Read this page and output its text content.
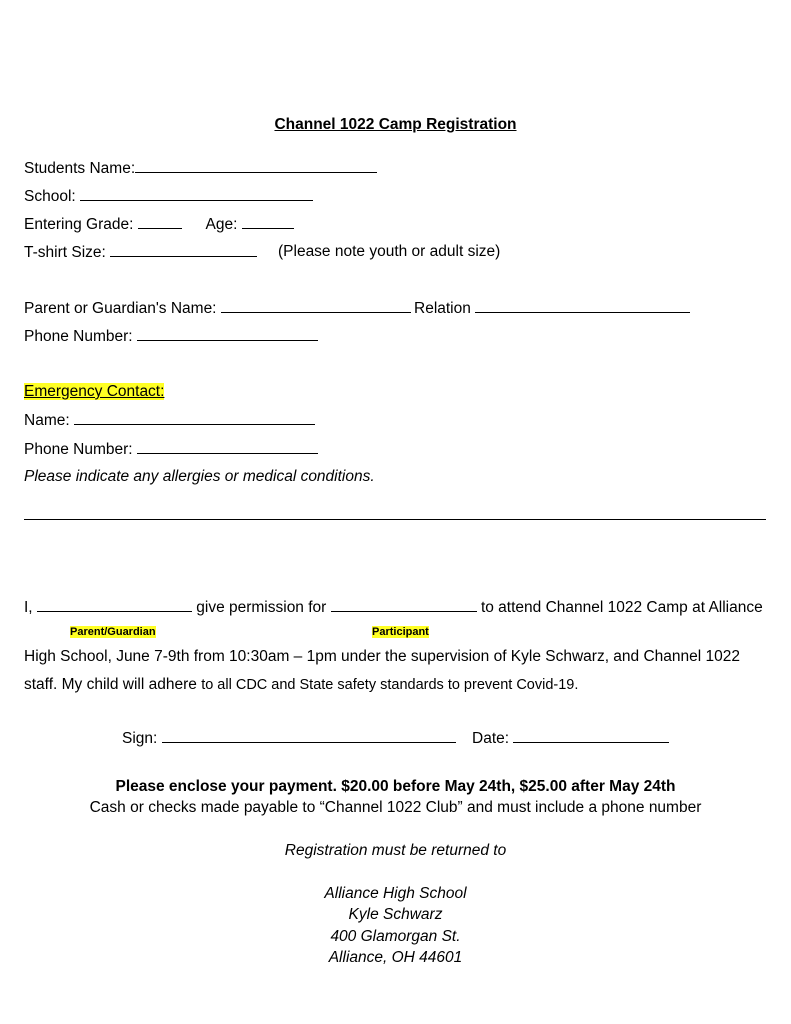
Channel 1022 Camp Registration
Students Name:
School:
Entering Grade:	Age:
T-shirt Size:	(Please note youth or adult size)
Parent or Guardian's Name:	Relation
Phone Number:
Emergency Contact:
Name:
Phone Number:
Please indicate any allergies or medical conditions.
I,	give permission for	to attend Channel 1022 Camp at Alliance
Parent/Guardian	Participant
High School, June 7-9th from 10:30am – 1pm under the supervision of Kyle Schwarz, and Channel 1022
staff. My child will adhere to all CDC and State safety standards to prevent Covid-19.
Sign:	Date:
Please enclose your payment. $20.00 before May 24th, $25.00 after May 24th
Cash or checks made payable to “Channel 1022 Club” and must include a phone number
Registration must be returned to
Alliance High School
Kyle Schwarz
400 Glamorgan St.
Alliance, OH 44601
